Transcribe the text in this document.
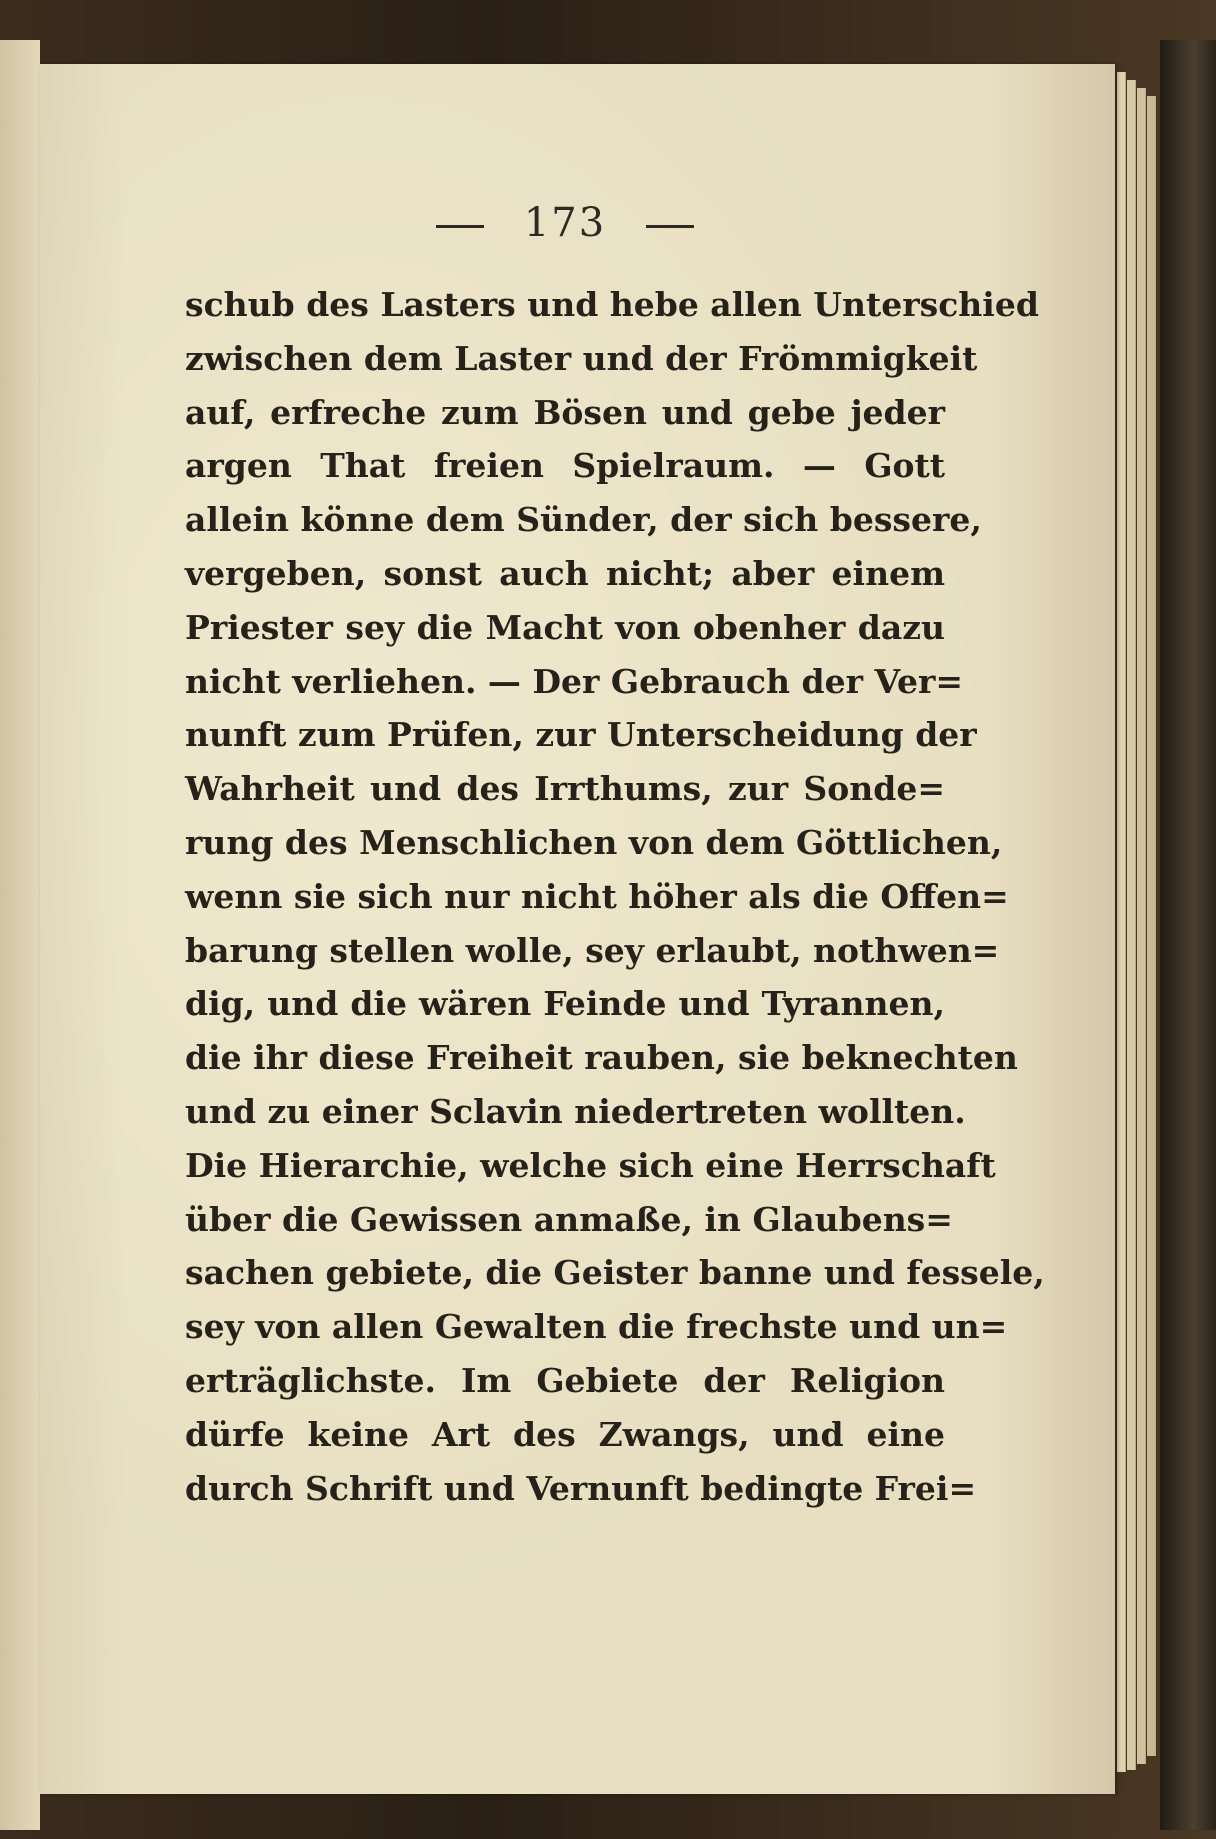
173
schub des Lasters und hebe allen Unterschied
zwischen dem Laster und der Frömmigkeit
auf, erfreche zum Bösen und gebe jeder
argen That freien Spielraum. — Gott
allein könne dem Sünder, der sich bessere,
vergeben, sonst auch nicht; aber einem
Priester sey die Macht von obenher dazu
nicht verliehen. — Der Gebrauch der Ver=
nunft zum Prüfen, zur Unterscheidung der
Wahrheit und des Irrthums, zur Sonde=
rung des Menschlichen von dem Göttlichen,
wenn sie sich nur nicht höher als die Offen=
barung stellen wolle, sey erlaubt, nothwen=
dig, und die wären Feinde und Tyrannen,
die ihr diese Freiheit rauben, sie beknechten
und zu einer Sclavin niedertreten wollten.
Die Hierarchie, welche sich eine Herrschaft
über die Gewissen anmaße, in Glaubens=
sachen gebiete, die Geister banne und fessele,
sey von allen Gewalten die frechste und un=
erträglichste. Im Gebiete der Religion
dürfe keine Art des Zwangs, und eine
durch Schrift und Vernunft bedingte Frei=
